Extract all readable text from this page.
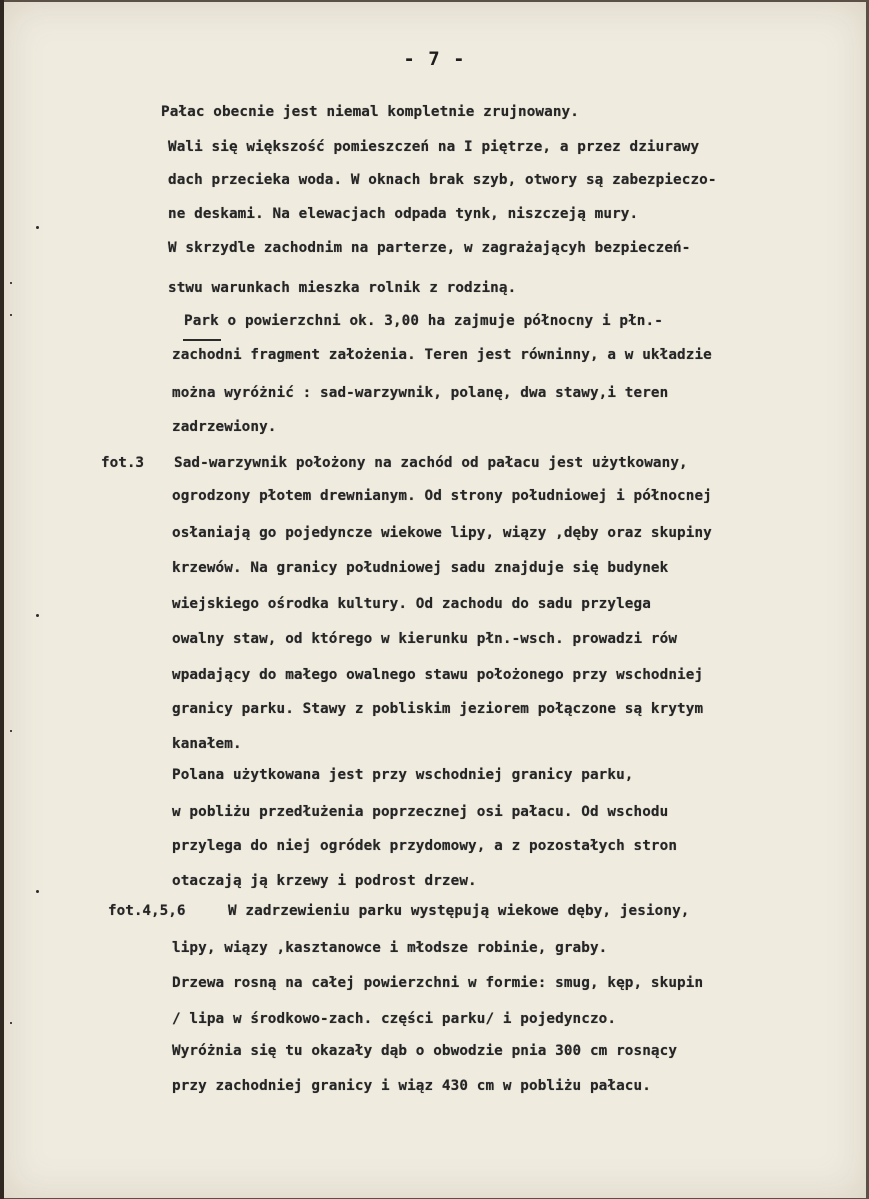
- 7 -
fot.3
fot.4,5,6
Pałac obecnie jest niemal kompletnie zrujnowany.
Wali się większość pomieszczeń na I piętrze, a przez dziurawy
dach przecieka woda. W oknach brak szyb, otwory są zabezpieczo-
ne deskami. Na elewacjach odpada tynk, niszczeją mury.
W skrzydle zachodnim na parterze, w zagrażającyh bezpieczeń-
stwu warunkach mieszka rolnik z rodziną.
Park o powierzchni ok. 3,00 ha zajmuje północny i płn.-
zachodni fragment założenia. Teren jest równinny, a w układzie
można wyróżnić : sad-warzywnik, polanę, dwa stawy,i teren
zadrzewiony.
Sad-warzywnik położony na zachód od pałacu jest użytkowany,
ogrodzony płotem drewnianym. Od strony południowej i północnej
osłaniają go pojedyncze wiekowe lipy, wiązy ,dęby oraz skupiny
krzewów. Na granicy południowej sadu znajduje się budynek
wiejskiego ośrodka kultury. Od zachodu do sadu przylega
owalny staw, od którego w kierunku płn.-wsch. prowadzi rów
wpadający do małego owalnego stawu położonego przy wschodniej
granicy parku. Stawy z pobliskim jeziorem połączone są krytym
kanałem.
Polana użytkowana jest przy wschodniej granicy parku,
w pobliżu przedłużenia poprzecznej osi pałacu. Od wschodu
przylega do niej ogródek przydomowy, a z pozostałych stron
otaczają ją krzewy i podrost drzew.
W zadrzewieniu parku występują wiekowe dęby, jesiony,
lipy, wiązy ,kasztanowce i młodsze robinie, graby.
Drzewa rosną na całej powierzchni w formie: smug, kęp, skupin
/ lipa w środkowo-zach. części parku/ i pojedynczo.
Wyróżnia się tu okazały dąb o obwodzie pnia 300 cm rosnący
przy zachodniej granicy i wiąz 430 cm w pobliżu pałacu.
